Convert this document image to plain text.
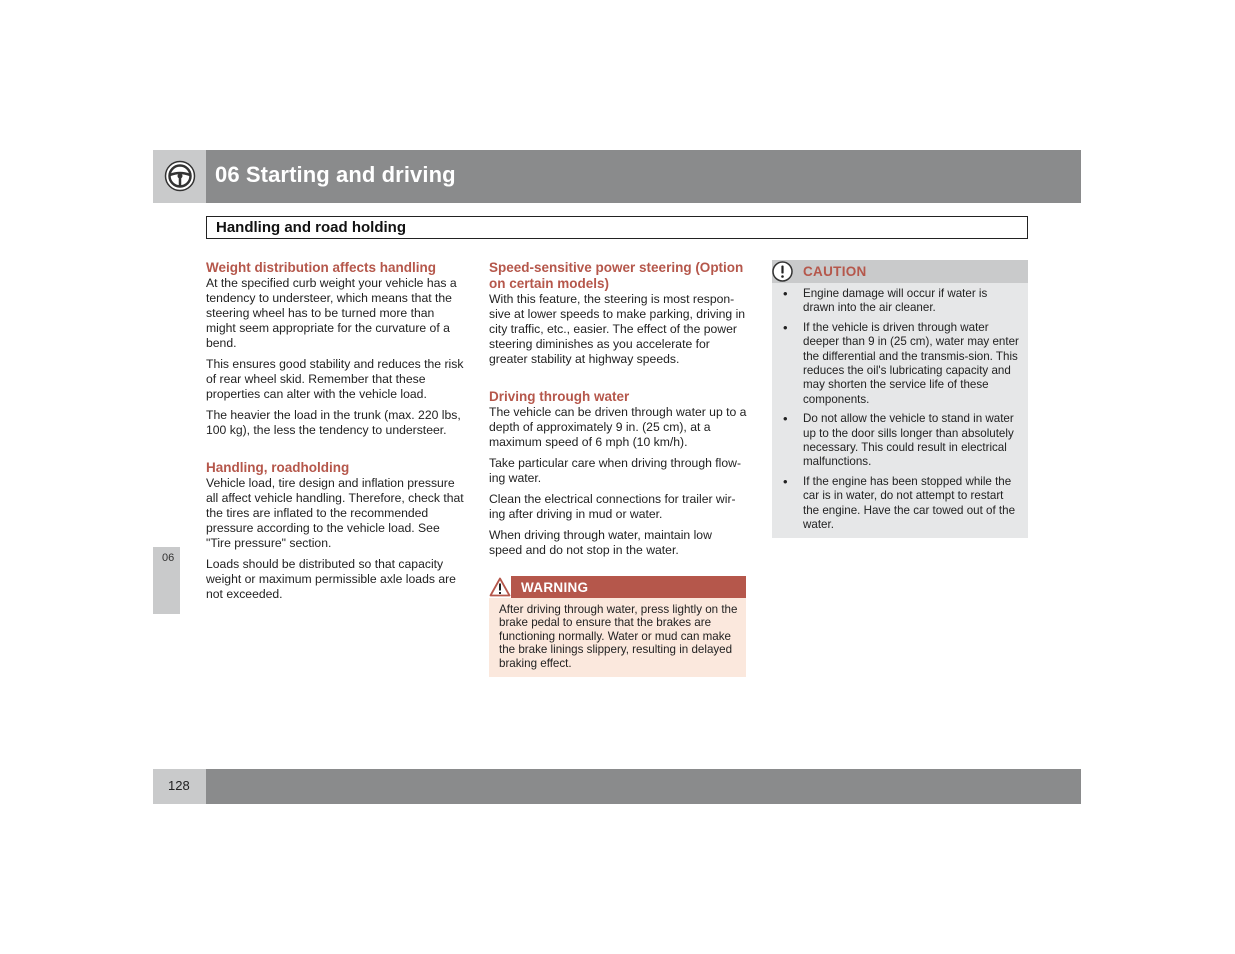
06 Starting and driving
Handling and road holding
06
Weight distribution affects handling

At the specified curb weight your vehicle has a tendency to understeer, which means that the steering wheel has to be turned more than might seem appropriate for the curvature of a bend.

This ensures good stability and reduces the risk of rear wheel skid. Remember that these properties can alter with the vehicle load.

The heavier the load in the trunk (max. 220 lbs, 100 kg), the less the tendency to understeer.

Handling, roadholding

Vehicle load, tire design and inflation pressure all affect vehicle handling. Therefore, check that the tires are inflated to the recommended pressure according to the vehicle load. See "Tire pressure" section.

Loads should be distributed so that capacity weight or maximum permissible axle loads are not exceeded.

Speed-sensitive power steering (Option on certain models)

With this feature, the steering is most respon-sive at lower speeds to make parking, driving in city traffic, etc., easier. The effect of the power steering diminishes as you accelerate for greater stability at highway speeds.

Driving through water

The vehicle can be driven through water up to a depth of approximately 9 in. (25 cm), at a maximum speed of 6 mph (10 km/h).

Take particular care when driving through flow-ing water.

Clean the electrical connections for trailer wir-ing after driving in mud or water.

When driving through water, maintain low speed and do not stop in the water.

WARNING
After driving through water, press lightly on the brake pedal to ensure that the brakes are functioning normally. Water or mud can make the brake linings slippery, resulting in delayed braking effect.
CAUTION
• Engine damage will occur if water is drawn into the air cleaner.
• If the vehicle is driven through water deeper than 9 in (25 cm), water may enter the differential and the transmis-sion. This reduces the oil's lubricating capacity and may shorten the service life of these components.
• Do not allow the vehicle to stand in water up to the door sills longer than absolutely necessary. This could result in electrical malfunctions.
• If the engine has been stopped while the car is in water, do not attempt to restart the engine. Have the car towed out of the water.
128
